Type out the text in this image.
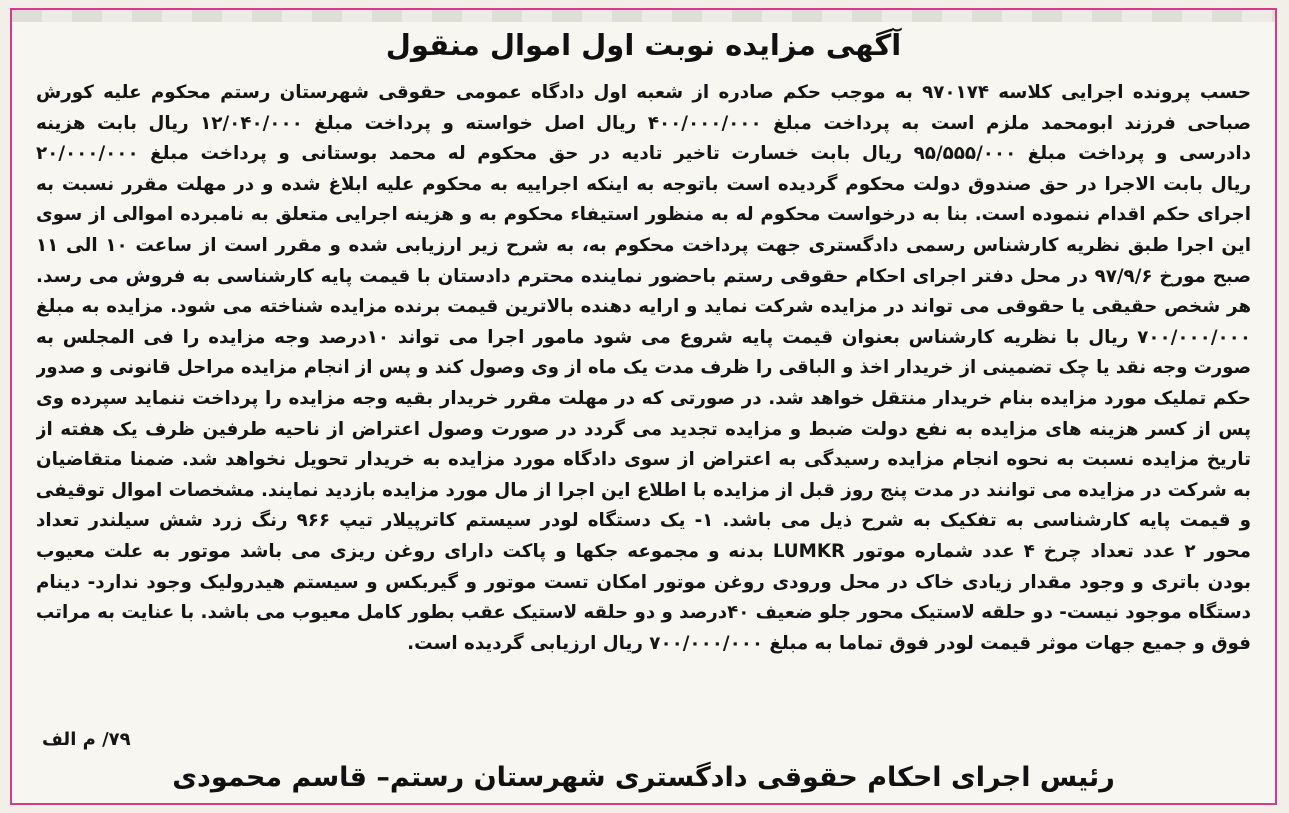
آگهی مزایده نوبت اول اموال منقول
حسب پرونده اجرایی کلاسه ۹۷۰۱۷۴ به موجب حکم صادره از شعبه اول دادگاه عمومی حقوقی شهرستان رستم محکوم علیه کورش
صباحی فرزند ابومحمد ملزم است به پرداخت مبلغ ۴۰۰/۰۰۰/۰۰۰ ریال اصل خواسته و پرداخت مبلغ ۱۲/۰۴۰/۰۰۰ ریال بابت هزینه
دادرسی و پرداخت مبلغ ۹۵/۵۵۵/۰۰۰ ریال بابت خسارت تاخیر تادیه در حق محکوم له محمد بوستانی و پرداخت مبلغ ۲۰/۰۰۰/۰۰۰
ریال بابت الاجرا در حق صندوق دولت محکوم گردیده است باتوجه به اینکه اجراییه به محکوم علیه ابلاغ شده و در مهلت مقرر نسبت به
اجرای حکم اقدام ننموده است. بنا به درخواست محکوم له به منظور استیفاء محکوم به و هزینه اجرایی متعلق به نامبرده اموالی از سوی
این اجرا طبق نظریه کارشناس رسمی دادگستری جهت پرداخت محکوم به، به شرح زیر ارزیابی شده و مقرر است از ساعت ۱۰ الی ۱۱
صبح مورخ ۹۷/۹/۶ در محل دفتر اجرای احکام حقوقی رستم باحضور نماینده محترم دادستان با قیمت پایه کارشناسی به فروش می رسد.
هر شخص حقیقی یا حقوقی می تواند در مزایده شرکت نماید و ارایه دهنده بالاترین قیمت برنده مزایده شناخته می شود. مزایده به مبلغ
۷۰۰/۰۰۰/۰۰۰ ریال با نظریه کارشناس بعنوان قیمت پایه شروع می شود مامور اجرا می تواند ۱۰درصد وجه مزایده را فی المجلس به
صورت وجه نقد یا چک تضمینی از خریدار اخذ و الباقی را ظرف مدت یک ماه از وی وصول کند و پس از انجام مزایده مراحل قانونی و صدور
حکم تملیک مورد مزایده بنام خریدار منتقل خواهد شد. در صورتی که در مهلت مقرر خریدار بقیه وجه مزایده را پرداخت ننماید سپرده وی
پس از کسر هزینه های مزایده به نفع دولت ضبط و مزایده تجدید می گردد در صورت وصول اعتراض از ناحیه طرفین ظرف یک هفته از
تاریخ مزایده نسبت به نحوه انجام مزایده رسیدگی به اعتراض از سوی دادگاه مورد مزایده به خریدار تحویل نخواهد شد. ضمنا متقاضیان
به شرکت در مزایده می توانند در مدت پنج روز قبل از مزایده با اطلاع این اجرا از مال مورد مزایده بازدید نمایند. مشخصات اموال توقیفی
و قیمت پایه کارشناسی به تفکیک به شرح ذیل می باشد. ۱- یک دستگاه لودر سیستم کاترپیلار تیپ ۹۶۶ رنگ زرد شش سیلندر تعداد
محور ۲ عدد تعداد چرخ ۴ عدد شماره موتور LUMKR بدنه و مجموعه جکها و پاکت دارای روغن ریزی می باشد موتور به علت معیوب
بودن باتری و وجود مقدار زیادی خاک در محل ورودی روغن موتور امکان تست موتور و گیربکس و سیستم هیدرولیک وجود ندارد- دینام
دستگاه موجود نیست- دو حلقه لاستیک محور جلو ضعیف ۴۰درصد و دو حلقه لاستیک عقب بطور کامل معیوب می باشد. با عنایت به مراتب
فوق و جمیع جهات موثر قیمت لودر فوق تماما به مبلغ ۷۰۰/۰۰۰/۰۰۰ ریال ارزیابی گردیده است.
۷۹/ م الف
رئیس اجرای احکام حقوقی دادگستری شهرستان رستم– قاسم محمودی
